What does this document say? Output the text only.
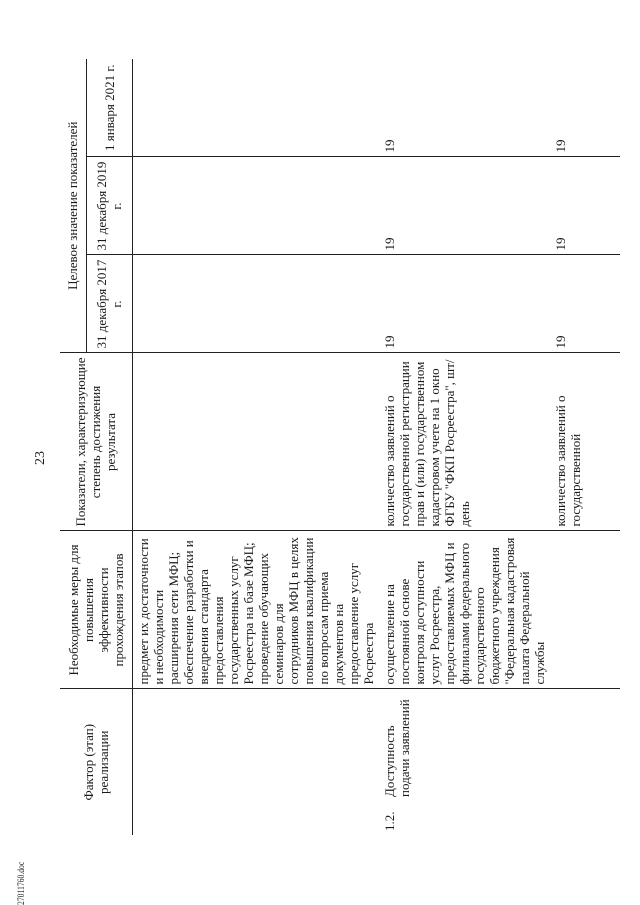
23
27011760.doc
Фактор (этап) реализации		Необходимые меры для повышения эффективности прохождения этапов	Показатели, характеризующие степень достижения результата	Целевое значение показателей		
				31 декабря 2017 г.	31 декабря 2019 г.	1 января 2021 г.
		предмет их достаточности и необходимости расширения сети МФЦ; обеспечение разработки и внедрения стандарта предоставления государственных услуг Росреестра на базе МФЦ; проведение обучающих семинаров для сотрудников МФЦ в целях повышения квалификации по вопросам приема документов на предоставление услуг Росреестра				
1.2.	Доступность подачи заявлений	осуществление на постоянной основе контроля доступности услуг Росреестра, предоставляемых МФЦ и филиалами федерального государственного бюджетного учреждения "Федеральная кадастровая палата Федеральной службы	количество заявлений о государственной регистрации прав и (или) государственном кадастровом учете на 1 окно ФГБУ "ФКП Росреестра", шт/день	19	19	19
			количество заявлений о государственной	19	19	19
